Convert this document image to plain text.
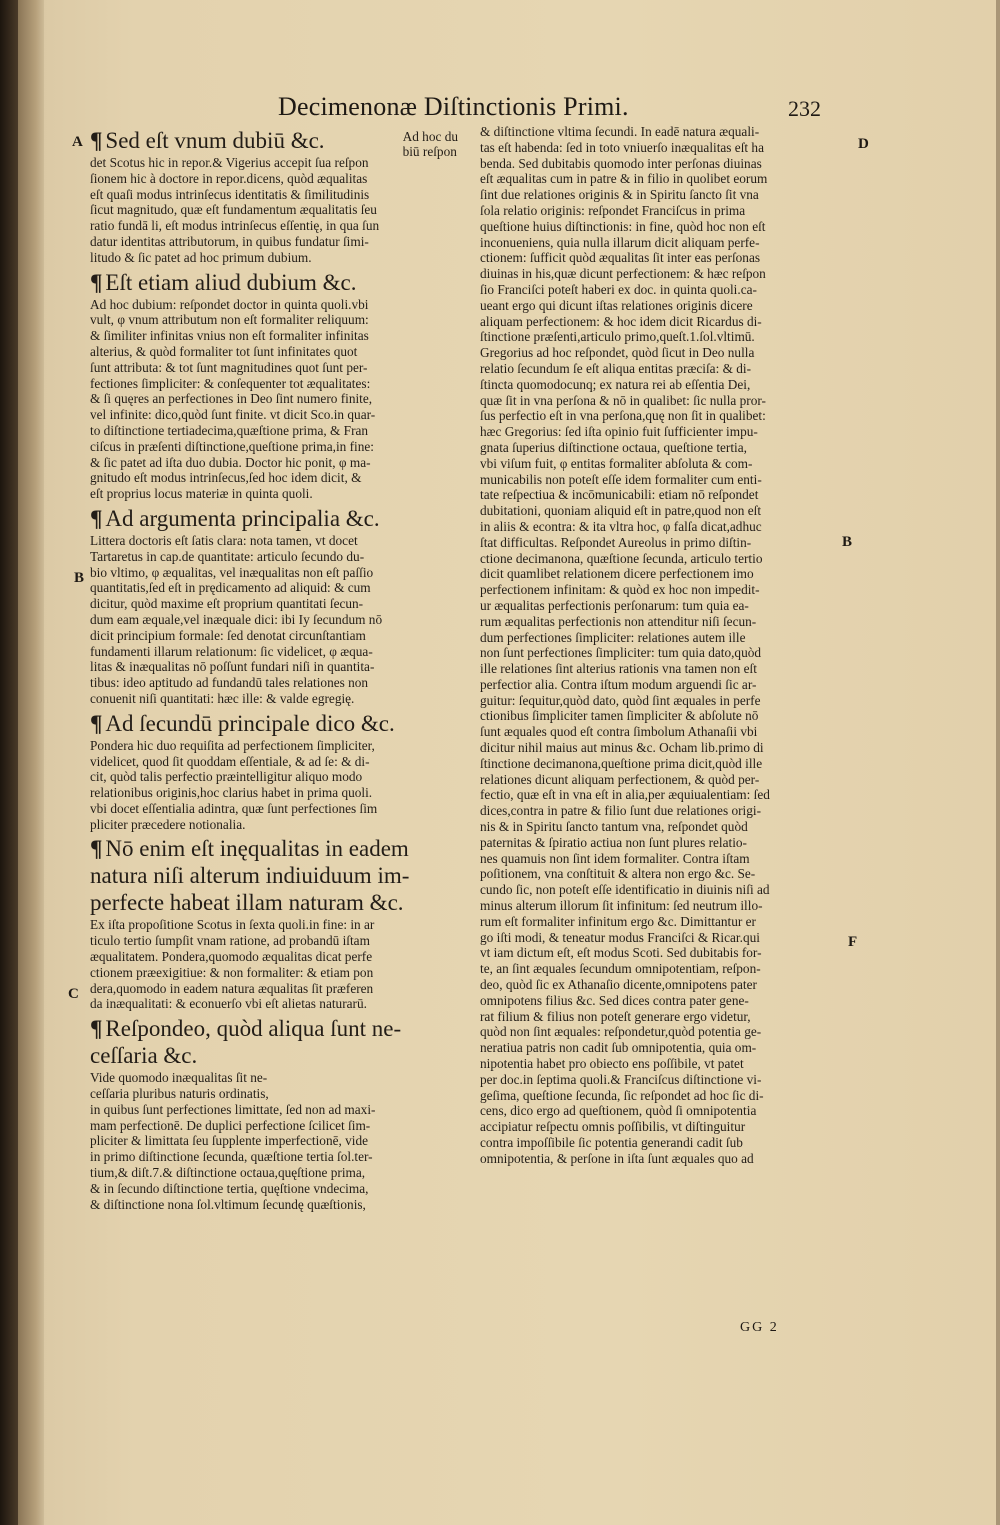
Decimenonæ Diſtinctionis Primi.	232
A
B
C
D
B
F
Ad hoc du
biū reſpon
¶ Sed eſt vnum dubiū &c.
det Scotus hic in repor.& Vigerius accepit ſua reſpon
ſionem hic à doctore in repor.dicens, quòd æqualitas
eſt quaſi modus intrinſecus identitatis & ſimilitudinis
ſicut magnitudo, quæ eſt fundamentum æqualitatis ſeu
ratio fundā li, eſt modus intrinſecus eſſentię, in qua ſun
datur identitas attributorum, in quibus fundatur ſimi-
litudo & ſic patet ad hoc primum dubium.
¶ Eſt etiam aliud dubium &c.
Ad hoc dubium: reſpondet doctor in quinta quoli.vbi
vult, φ vnum attributum non eſt formaliter reliquum:
& ſimiliter infinitas vnius non eſt formaliter infinitas
alterius, & quòd formaliter tot ſunt infinitates quot
ſunt attributa: & tot ſunt magnitudines quot ſunt per-
fectiones ſimpliciter: & conſequenter tot æqualitates:
& ſi quęres an perfectiones in Deo ſint numero finite,
vel infinite: dico,quòd ſunt finite. vt dicit Sco.in quar-
to diſtinctione tertiadecima,quæſtione prima, & Fran
ciſcus in præſenti diſtinctione,queſtione prima,in fine:
& ſic patet ad iſta duo dubia. Doctor hic ponit, φ ma-
gnitudo eſt modus intrinſecus,ſed hoc idem dicit, &
eſt proprius locus materiæ in quinta quoli.
¶ Ad argumenta principalia &c.
Littera doctoris eſt ſatis clara: nota tamen, vt docet
Tartaretus in cap.de quantitate: articulo ſecundo du-
bio vltimo, φ æqualitas, vel inæqualitas non eſt paſſio
quantitatis,ſed eſt in prędicamento ad aliquid: & cum
dicitur, quòd maxime eſt proprium quantitati ſecun-
dum eam æquale,vel inæquale dici: ibi Iy ſecundum nō
dicit principium formale: ſed denotat circunſtantiam
fundamenti illarum relationum: ſic videlicet, φ æqua-
litas & inæqualitas nō poſſunt fundari niſi in quantita-
tibus: ideo aptitudo ad fundandū tales relationes non
conuenit niſi quantitati: hæc ille: & valde egregię.
¶ Ad ſecundū principale dico &c.
Pondera hic duo requiſita ad perfectionem ſimpliciter,
videlicet, quod ſit quoddam eſſentiale, & ad ſe: & di-
cit, quòd talis perfectio præintelligitur aliquo modo
relationibus originis,hoc clarius habet in prima quoli.
vbi docet eſſentialia adintra, quæ ſunt perfectiones ſim
pliciter præcedere notionalia.
¶ Nō enim eſt inęqualitas in eadem
natura niſi alterum indiuiduum im-
perfecte habeat illam naturam &c.
Ex iſta propoſitione Scotus in ſexta quoli.in fine: in ar
ticulo tertio ſumpſit vnam ratione, ad probandū iſtam
æqualitatem. Pondera,quomodo æqualitas dicat perfe
ctionem præexigitiue: & non formaliter: & etiam pon
dera,quomodo in eadem natura æqualitas ſit præferen
da inæqualitati: & econuerſo vbi eſt alietas naturarū.
¶ Reſpondeo, quòd aliqua ſunt ne-
ceſſaria &c.
Vide quomodo inæqualitas ſit ne-
ceſſaria pluribus naturis ordinatis,
in quibus ſunt perfectiones limittate, ſed non ad maxi-
mam perfectionē. De duplici perfectione ſcilicet ſim-
pliciter & limittata ſeu ſupplente imperfectionē, vide
in primo diſtinctione ſecunda, quæſtione tertia ſol.ter-
tium,& diſt.7.& diſtinctione octaua,quęſtione prima,
& in ſecundo diſtinctione tertia, quęſtione vndecima,
& diſtinctione nona ſol.vltimum ſecundę quæſtionis,
& diſtinctione vltima ſecundi. In eadē natura æquali-
tas eſt habenda: ſed in toto vniuerſo inæqualitas eſt ha
benda. Sed dubitabis quomodo inter perſonas diuinas
eſt æqualitas cum in patre & in filio in quolibet eorum
ſint due relationes originis & in Spiritu ſancto ſit vna
ſola relatio originis: reſpondet Franciſcus in prima
queſtione huius diſtinctionis: in fine, quòd hoc non eſt
inconueniens, quia nulla illarum dicit aliquam perfe-
ctionem: ſufficit quòd æqualitas ſit inter eas perſonas
diuinas in his,quæ dicunt perfectionem: & hæc reſpon
ſio Franciſci poteſt haberi ex doc. in quinta quoli.ca-
ueant ergo qui dicunt iſtas relationes originis dicere
aliquam perfectionem: & hoc idem dicit Ricardus di-
ſtinctione præſenti,articulo primo,queſt.1.ſol.vltimū.
Gregorius ad hoc reſpondet, quòd ſicut in Deo nulla
relatio ſecundum ſe eſt aliqua entitas præciſa: & di-
ſtincta quomodocunq; ex natura rei ab eſſentia Dei,
quæ ſit in vna perſona & nō in qualibet: ſic nulla pror-
ſus perfectio eſt in vna perſona,quę non ſit in qualibet:
hæc Gregorius: ſed iſta opinio fuit ſufficienter impu-
gnata ſuperius diſtinctione octaua, queſtione tertia,
vbi viſum fuit, φ entitas formaliter abſoluta & com-
municabilis non poteſt eſſe idem formaliter cum enti-
tate reſpectiua & incōmunicabili: etiam nō reſpondet
dubitationi, quoniam aliquid eſt in patre,quod non eſt
in aliis & econtra: & ita vltra hoc, φ falſa dicat,adhuc
ſtat difficultas. Reſpondet Aureolus in primo diſtin-
ctione decimanona, quæſtione ſecunda, articulo tertio
dicit quamlibet relationem dicere perfectionem imo
perfectionem infinitam: & quòd ex hoc non impedit-
ur æqualitas perfectionis perſonarum: tum quia ea-
rum æqualitas perfectionis non attenditur niſi ſecun-
dum perfectiones ſimpliciter: relationes autem ille
non ſunt perfectiones ſimpliciter: tum quia dato,quòd
ille relationes ſint alterius rationis vna tamen non eſt
perfectior alia. Contra iſtum modum arguendi ſic ar-
guitur: ſequitur,quòd dato, quòd ſint æquales in perfe
ctionibus ſimpliciter tamen ſimpliciter & abſolute nō
ſunt æquales quod eſt contra ſimbolum Athanaſii vbi
dicitur nihil maius aut minus &c. Ocham lib.primo di
ſtinctione decimanona,queſtione prima dicit,quòd ille
relationes dicunt aliquam perfectionem, & quòd per-
fectio, quæ eſt in vna eſt in alia,per æquiualentiam: ſed
dices,contra in patre & filio ſunt due relationes origi-
nis & in Spiritu ſancto tantum vna, reſpondet quòd
paternitas & ſpiratio actiua non ſunt plures relatio-
nes quamuis non ſint idem formaliter. Contra iſtam
poſitionem, vna conſtituit & altera non ergo &c. Se-
cundo ſic, non poteſt eſſe identificatio in diuinis niſi ad
minus alterum illorum ſit infinitum: ſed neutrum illo-
rum eſt formaliter infinitum ergo &c. Dimittantur er
go iſti modi, & teneatur modus Franciſci & Ricar.qui
vt iam dictum eſt, eſt modus Scoti. Sed dubitabis for-
te, an ſint æquales ſecundum omnipotentiam, reſpon-
deo, quòd ſic ex Athanaſio dicente,omnipotens pater
omnipotens filius &c. Sed dices contra pater gene-
rat filium & filius non poteſt generare ergo videtur,
quòd non ſint æquales: reſpondetur,quòd potentia ge-
neratiua patris non cadit ſub omnipotentia, quia om-
nipotentia habet pro obiecto ens poſſibile, vt patet
per doc.in ſeptima quoli.& Franciſcus diſtinctione vi-
geſima, queſtione ſecunda, ſic reſpondet ad hoc ſic di-
cens, dico ergo ad queſtionem, quòd ſi omnipotentia
accipiatur reſpectu omnis poſſibilis, vt diſtinguitur
contra impoſſibile ſic potentia generandi cadit ſub
omnipotentia, & perſone in iſta ſunt æquales quo ad
GG 2
